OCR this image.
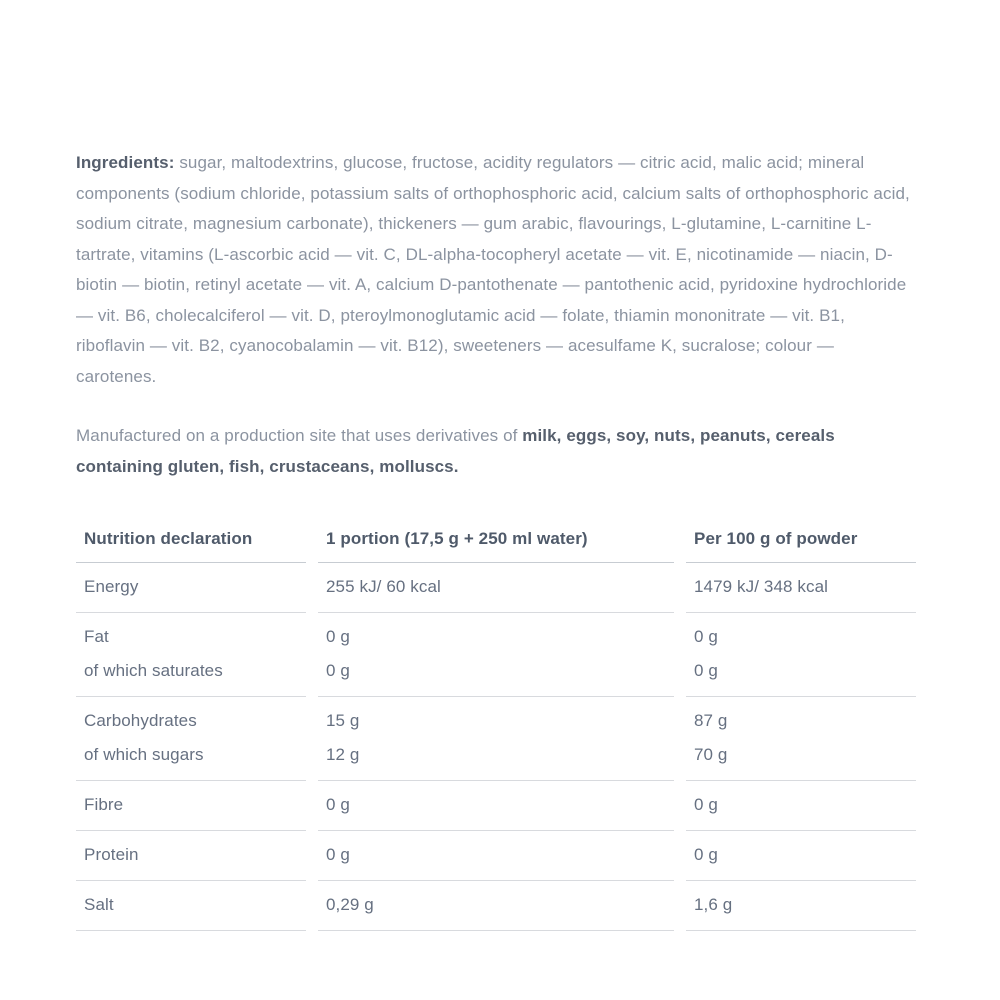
Ingredients: sugar, maltodextrins, glucose, fructose, acidity regulators — citric acid, malic acid; mineral components (sodium chloride, potassium salts of orthophosphoric acid, calcium salts of orthophosphoric acid, sodium citrate, magnesium carbonate), thickeners — gum arabic, flavourings, L-glutamine, L-carnitine L-tartrate, vitamins (L-ascorbic acid — vit. C, DL-alpha-tocopheryl acetate — vit. E, nicotinamide — niacin, D-biotin — biotin, retinyl acetate — vit. A, calcium D-pantothenate — pantothenic acid, pyridoxine hydrochloride — vit. B6, cholecalciferol — vit. D, pteroylmonoglutamic acid — folate, thiamin mononitrate — vit. B1, riboflavin — vit. B2, cyanocobalamin — vit. B12), sweeteners — acesulfame K, sucralose; colour — carotenes.

Manufactured on a production site that uses derivatives of milk, eggs, soy, nuts, peanuts, cereals containing gluten, fish, crustaceans, molluscs.

Nutrition declaration	1 portion (17,5 g + 250 ml water)	Per 100 g of powder
Energy	255 kJ/ 60 kcal	1479 kJ/ 348 kcal
Fat	0 g	0 g
of which saturates	0 g	0 g
Carbohydrates	15 g	87 g
of which sugars	12 g	70 g
Fibre	0 g	0 g
Protein	0 g	0 g
Salt	0,29 g	1,6 g
